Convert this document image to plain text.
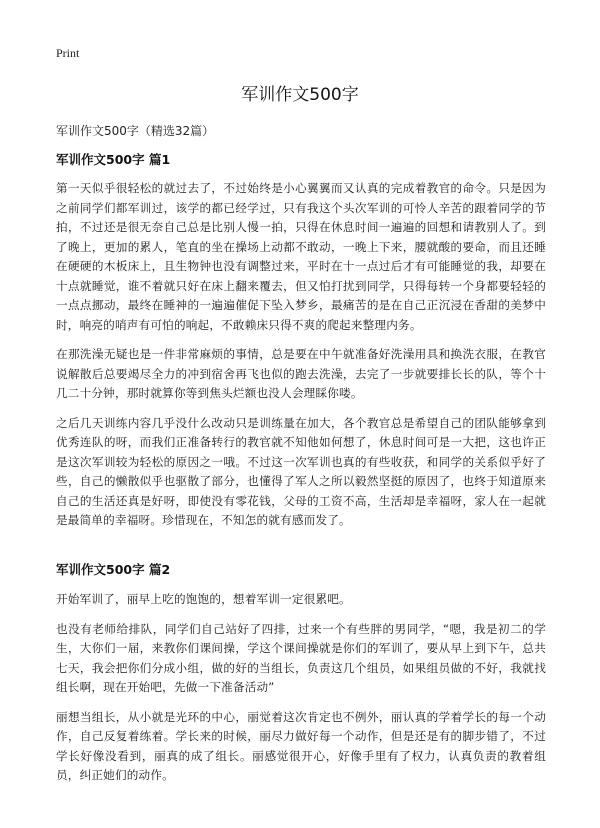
Print
军训作文500字
军训作文500字（精选32篇）
军训作文500字 篇1

第一天似乎很轻松的就过去了，不过始终是小心翼翼而又认真的完成着教官的命令。只是因为之前同学们都军训过，该学的都已经学过，只有我这个头次军训的可怜人辛苦的跟着同学的节拍，不过还是很无奈自己总是比别人慢一拍，只得在休息时间一遍遍的回想和请教别人了。到了晚上，更加的累人，笔直的坐在操场上动都不敢动，一晚上下来，腰就酸的要命，而且还睡在硬硬的木板床上，且生物钟也没有调整过来，平时在十一点过后才有可能睡觉的我，却要在十点就睡觉，谁不着就只好在床上翻来覆去，但又怕打扰到同学，只得每转一个身都要轻轻的一点点挪动，最终在睡神的一遍遍催促下坠入梦乡，最痛苦的是在自己正沉浸在香甜的美梦中时，响亮的哨声有可怕的响起，不敢赖床只得不爽的爬起来整理内务。

在那洗澡无疑也是一件非常麻烦的事情，总是要在中午就准备好洗澡用具和换洗衣服，在教官说解散后总要竭尽全力的冲到宿舍再飞也似的跑去洗澡，去完了一步就要排长长的队，等个十几二十分钟，那时就算你等到焦头烂额也没人会理睬你喽。

之后几天训练内容几乎没什么改动只是训练量在加大，各个教官总是希望自己的团队能够拿到优秀连队的呀，而我们正准备转行的教官就不知他如何想了，休息时间可是一大把，这也许正是这次军训较为轻松的原因之一哦。不过这一次军训也真的有些收获，和同学的关系似乎好了些，自己的懒散似乎也驱散了部分，也懂得了军人之所以毅然坚挺的原因了，也终于知道原来自己的生活还真是好呀，即使没有零花钱，父母的工资不高，生活却是幸福呀，家人在一起就是最简单的幸福呀。珍惜现在，不知怎的就有感而发了。

军训作文500字 篇2

开始军训了，丽早上吃的饱饱的，想着军训一定很累吧。

也没有老师给排队，同学们自己站好了四排，过来一个有些胖的男同学，“嗯，我是初二的学生，大你们一届，来教你们课间操，学这个课间操就是你们的军训了，要从早上到下午，总共七天，我会把你们分成小组，做的好的当组长，负责这几个组员，如果组员做的不好，我就找组长啊，现在开始吧，先做一下准备活动”

丽想当组长，从小就是光环的中心，丽觉着这次肯定也不例外，丽认真的学着学长的每一个动作，自己反复着练着。学长来的时候，丽尽力做好每一个动作，但是还是有的脚步错了，不过学长好像没看到，丽真的成了组长。丽感觉很开心，好像手里有了权力，认真负责的教着组员，纠正她们的动作。
